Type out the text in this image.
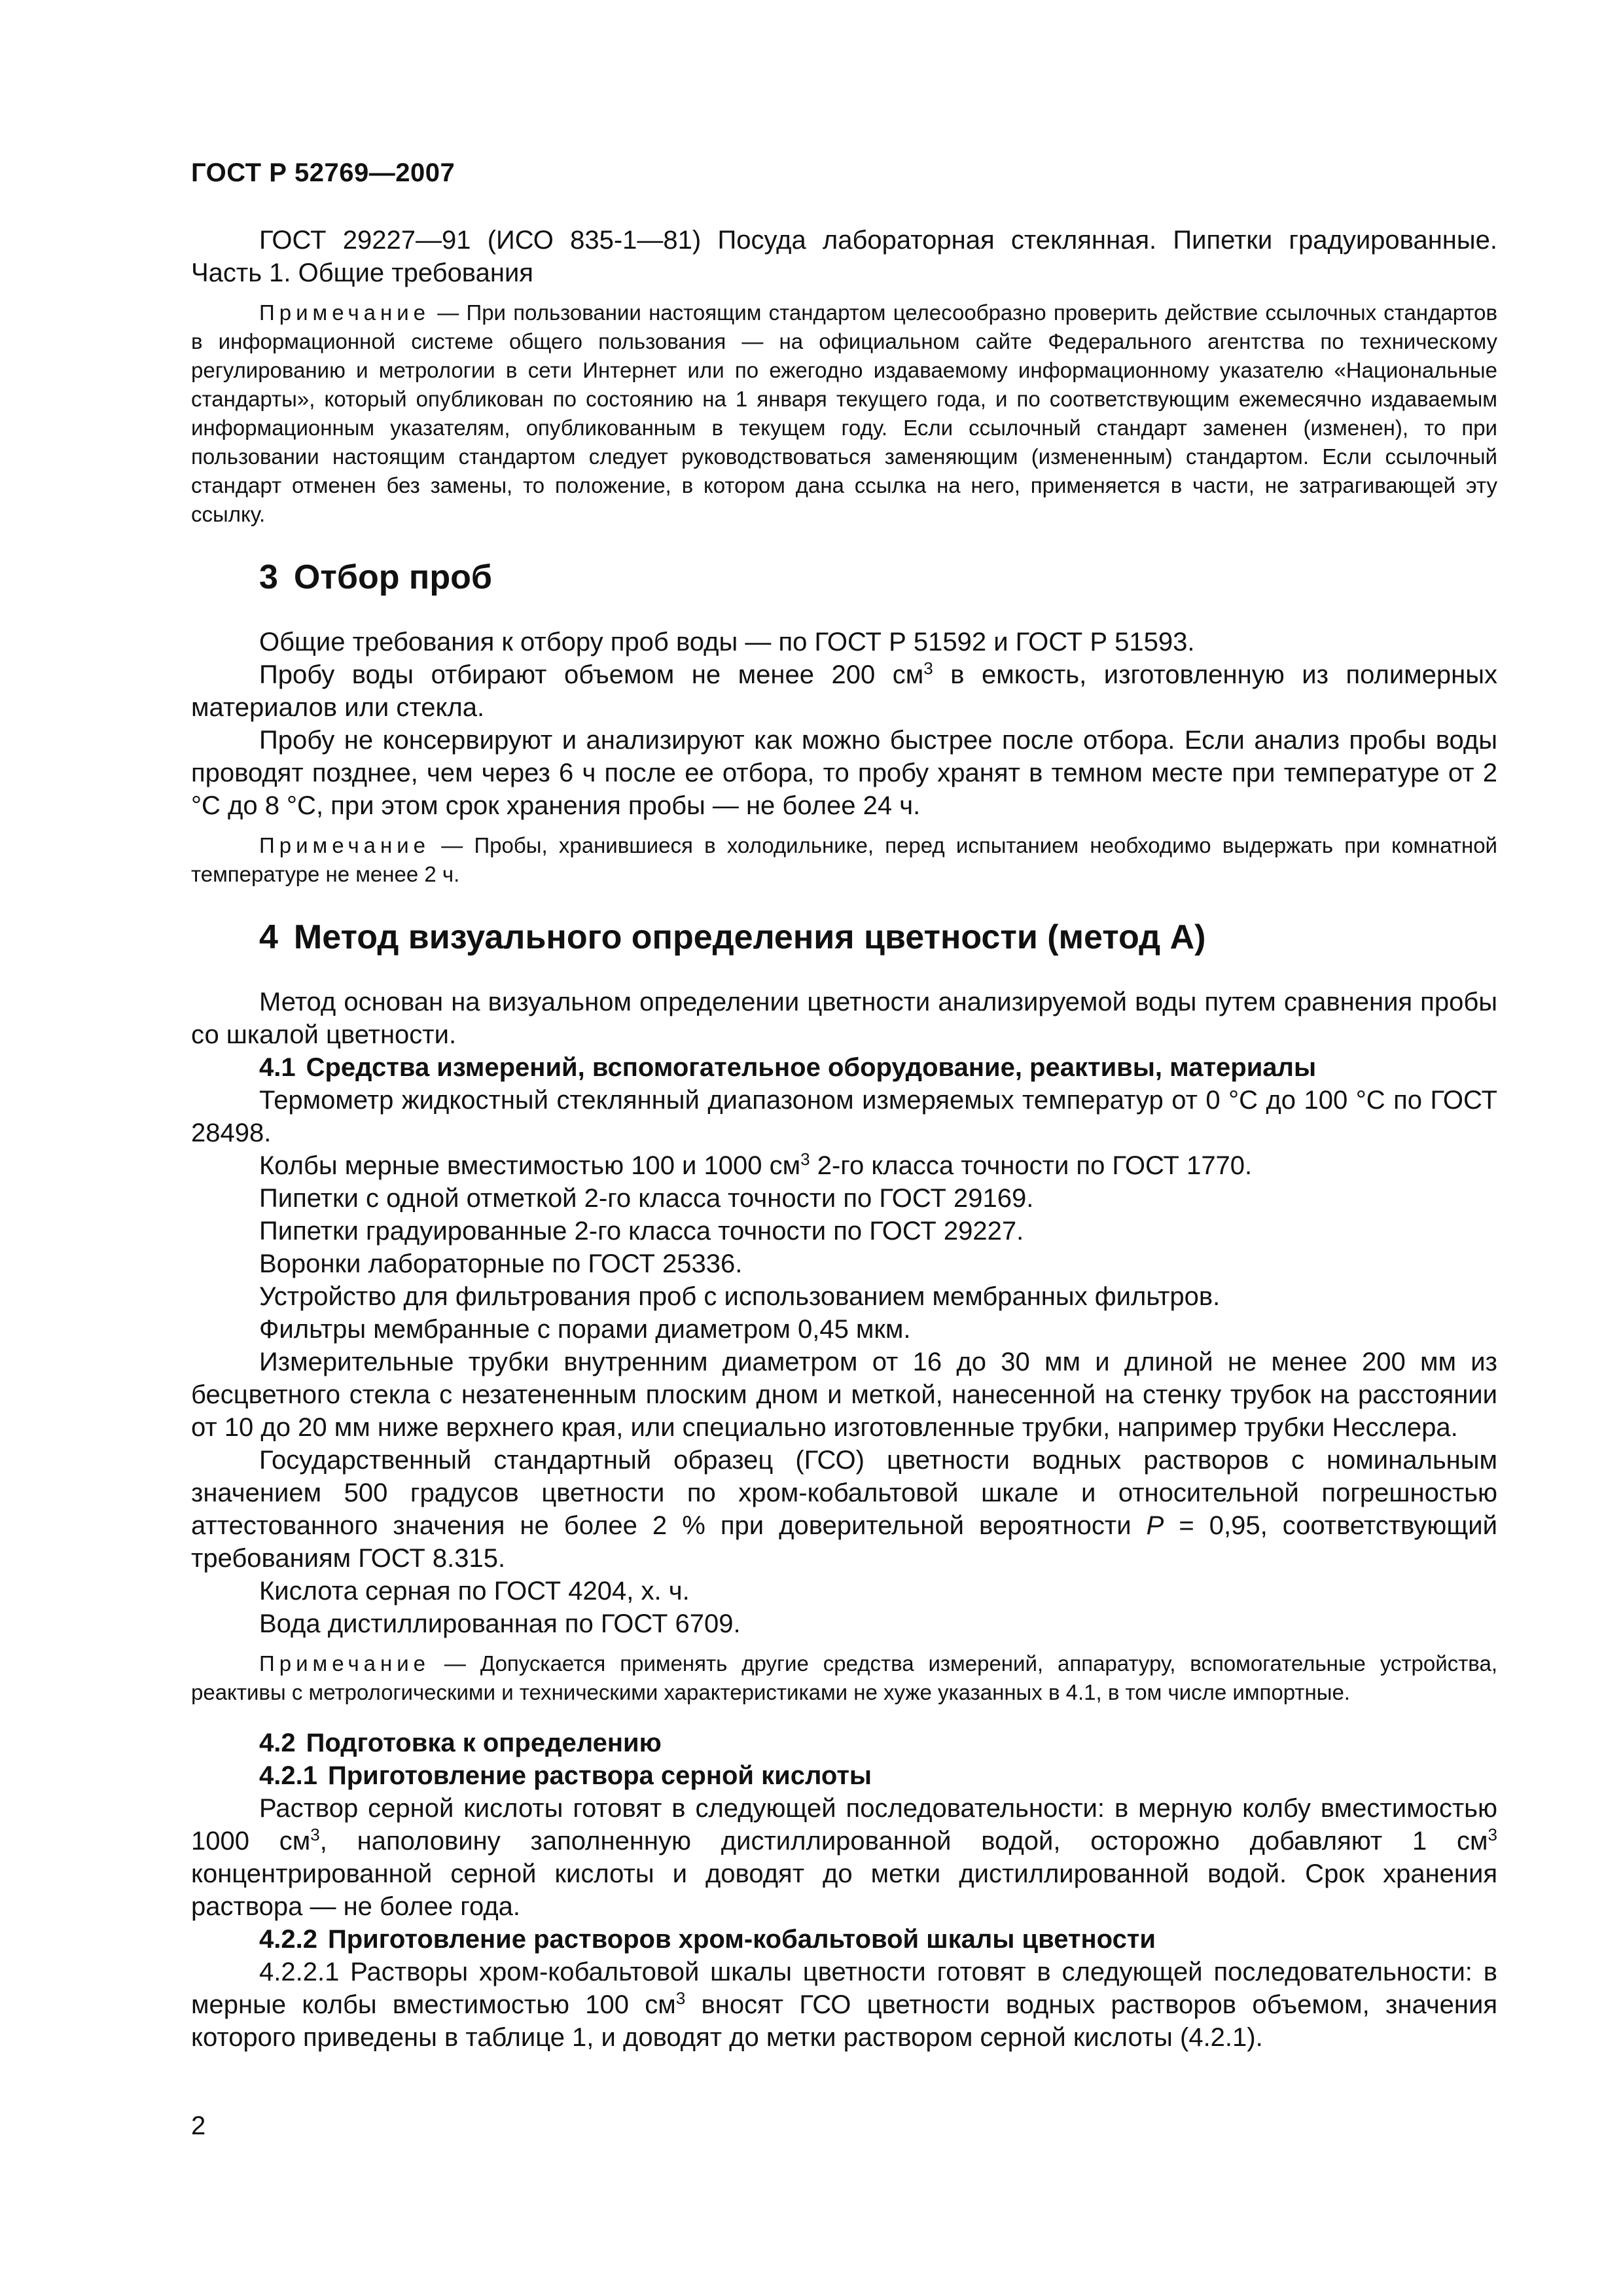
ГОСТ Р 52769—2007

ГОСТ 29227—91 (ИСО 835-1—81) Посуда лабораторная стеклянная. Пипетки градуированные. Часть 1. Общие требования

Примечание — При пользовании настоящим стандартом целесообразно проверить действие ссылочных стандартов в информационной системе общего пользования — на официальном сайте Федерального агентства по техническому регулированию и метрологии в сети Интернет или по ежегодно издаваемому информационному указателю «Национальные стандарты», который опубликован по состоянию на 1 января текущего года, и по соответствующим ежемесячно издаваемым информационным указателям, опубликованным в текущем году. Если ссылочный стандарт заменен (изменен), то при пользовании настоящим стандартом следует руководствоваться заменяющим (измененным) стандартом. Если ссылочный стандарт отменен без замены, то положение, в котором дана ссылка на него, применяется в части, не затрагивающей эту ссылку.

3 Отбор проб

Общие требования к отбору проб воды — по ГОСТ Р 51592 и ГОСТ Р 51593.

Пробу воды отбирают объемом не менее 200 $см^3$ в емкость, изготовленную из полимерных материалов или стекла.

Пробу не консервируют и анализируют как можно быстрее после отбора. Если анализ пробы воды проводят позднее, чем через 6 ч после ее отбора, то пробу хранят в темном месте при температуре от 2 °С до 8 °С, при этом срок хранения пробы — не более 24 ч.

Примечание — Пробы, хранившиеся в холодильнике, перед испытанием необходимо выдержать при комнатной температуре не менее 2 ч.

4 Метод визуального определения цветности (метод А)

Метод основан на визуальном определении цветности анализируемой воды путем сравнения пробы со шкалой цветности.

4.1 Средства измерений, вспомогательное оборудование, реактивы, материалы

Термометр жидкостный стеклянный диапазоном измеряемых температур от 0 °С до 100 °С по ГОСТ 28498.

Колбы мерные вместимостью 100 и 1000 $см^3$ 2-го класса точности по ГОСТ 1770.

Пипетки с одной отметкой 2-го класса точности по ГОСТ 29169.

Пипетки градуированные 2-го класса точности по ГОСТ 29227.

Воронки лабораторные по ГОСТ 25336.

Устройство для фильтрования проб с использованием мембранных фильтров.

Фильтры мембранные с порами диаметром 0,45 мкм.

Измерительные трубки внутренним диаметром от 16 до 30 мм и длиной не менее 200 мм из бесцветного стекла с незатененным плоским дном и меткой, нанесенной на стенку трубок на расстоянии от 10 до 20 мм ниже верхнего края, или специально изготовленные трубки, например трубки Несслера.

Государственный стандартный образец (ГСО) цветности водных растворов с номинальным значением 500 градусов цветности по хром-кобальтовой шкале и относительной погрешностью аттестованного значения не более 2 % при доверительной вероятности Р = 0,95, соответствующий требованиям ГОСТ 8.315.

Кислота серная по ГОСТ 4204, х. ч.

Вода дистиллированная по ГОСТ 6709.

Примечание — Допускается применять другие средства измерений, аппаратуру, вспомогательные устройства, реактивы с метрологическими и техническими характеристиками не хуже указанных в 4.1, в том числе импортные.

4.2 Подготовка к определению
4.2.1 Приготовление раствора серной кислоты

Раствор серной кислоты готовят в следующей последовательности: в мерную колбу вместимостью 1000 $см^3$, наполовину заполненную дистиллированной водой, осторожно добавляют 1 $см^3$ концентрированной серной кислоты и доводят до метки дистиллированной водой. Срок хранения раствора — не более года.

4.2.2 Приготовление растворов хром-кобальтовой шкалы цветности

4.2.2.1 Растворы хром-кобальтовой шкалы цветности готовят в следующей последовательности: в мерные колбы вместимостью 100 $см^3$ вносят ГСО цветности водных растворов объемом, значения которого приведены в таблице 1, и доводят до метки раствором серной кислоты (4.2.1).

2
